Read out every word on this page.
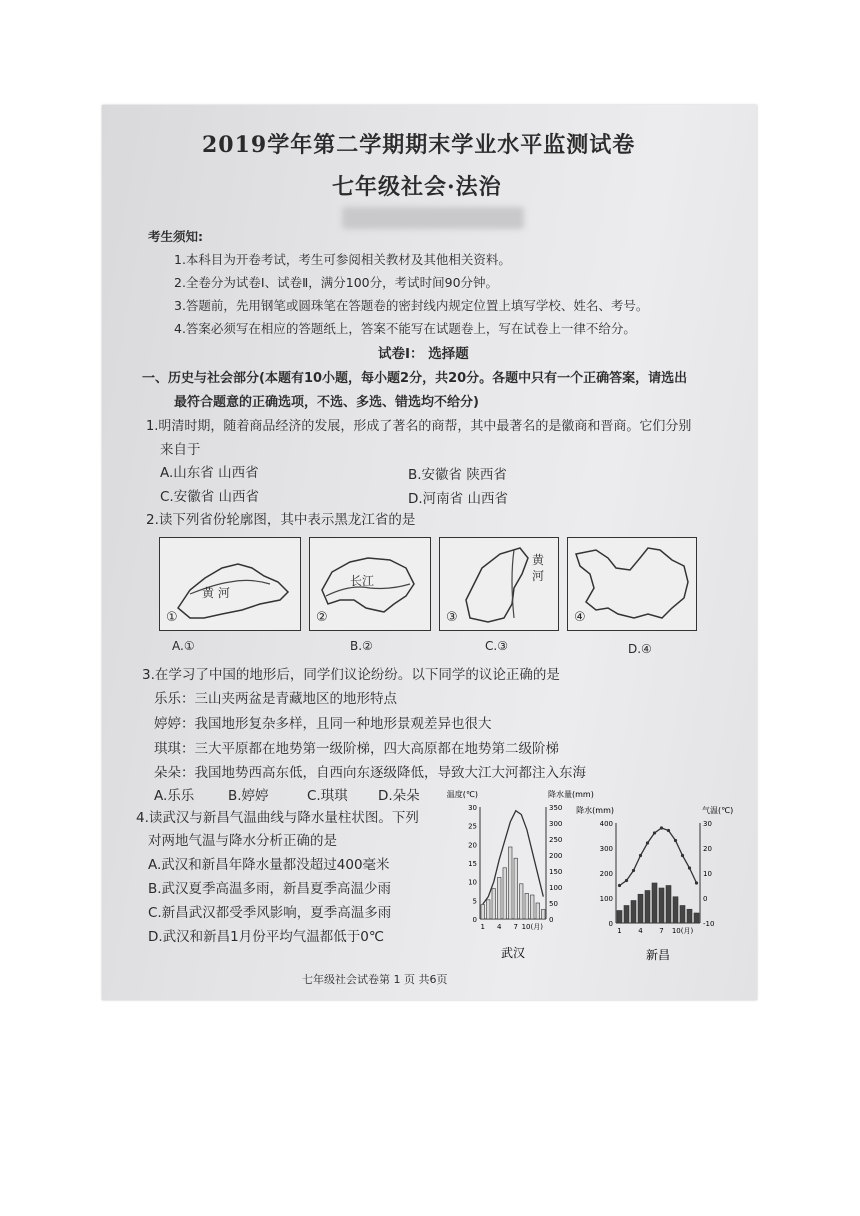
2019学年第二学期期末学业水平监测试卷
七年级社会·法治
考生须知:
1.本科目为开卷考试，考生可参阅相关教材及其他相关资料。
2.全卷分为试卷Ⅰ、试卷Ⅱ，满分100分，考试时间90分钟。
3.答题前，先用钢笔或圆珠笔在答题卷的密封线内规定位置上填写学校、姓名、考号。
4.答案必须写在相应的答题纸上，答案不能写在试题卷上，写在试卷上一律不给分。
试卷Ⅰ： 选择题
一、历史与社会部分(本题有10小题，每小题2分，共20分。各题中只有一个正确答案，请选出
最符合题意的正确选项，不选、多选、错选均不给分)
1.明清时期，随着商品经济的发展，形成了著名的商帮，其中最著名的是徽商和晋商。它们分别
来自于
A.山东省 山西省	B.安徽省 陕西省
C.安徽省 山西省	D.河南省 山西省
2.读下列省份轮廓图，其中表示黑龙江省的是
①
黄 河
②
长江
③
黄
河
④
A.①	B.②	C.③	D.④
3.在学习了中国的地形后，同学们议论纷纷。以下同学的议论正确的是
乐乐：三山夹两盆是青藏地区的地形特点
婷婷：我国地形复杂多样，且同一种地形景观差异也很大
琪琪：三大平原都在地势第一级阶梯，四大高原都在地势第二级阶梯
朵朵：我国地势西高东低，自西向东逐级降低，导致大江大河都注入东海
A.乐乐 B.婷婷	C.琪琪 D.朵朵
4.读武汉与新昌气温曲线与降水量柱状图。下列
对两地气温与降水分析正确的是
A.武汉和新昌年降水量都没超过400毫米
B.武汉夏季高温多雨，新昌夏季高温少雨
C.新昌武汉都受季风影响，夏季高温多雨
D.武汉和新昌1月份平均气温都低于0℃
温度(℃)	降水量(mm)
0
5
10
15
20
25
30
0
50
100
150
200
250
300
350
1 4 7 10(月)
武汉
降水(mm)	气温(℃)
0
100
200
300
400
-10
0
10
20
30
1 4 7 10(月)
新昌
七年级社会试卷第 1 页 共6页
